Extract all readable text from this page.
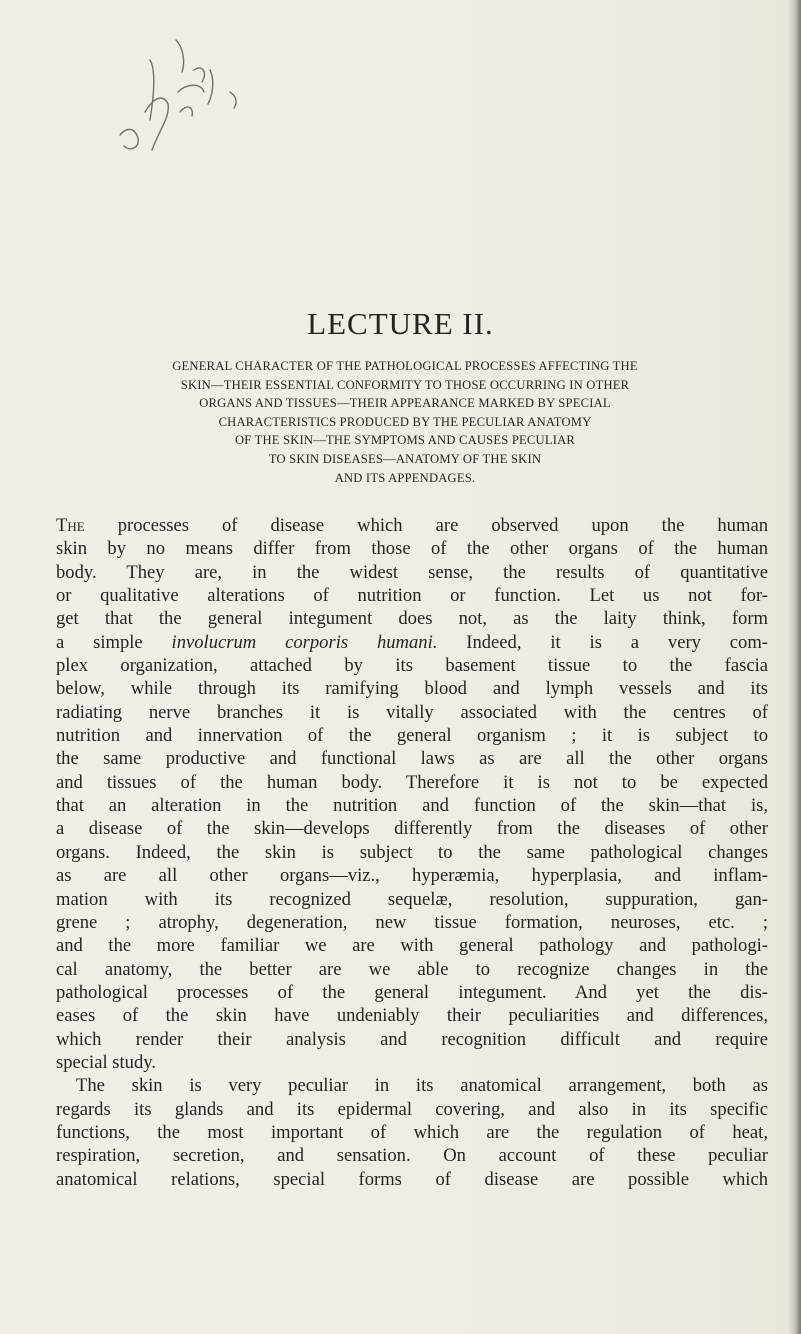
LECTURE II.
GENERAL CHARACTER OF THE PATHOLOGICAL PROCESSES AFFECTING THE
SKIN—THEIR ESSENTIAL CONFORMITY TO THOSE OCCURRING IN OTHER
ORGANS AND TISSUES—THEIR APPEARANCE MARKED BY SPECIAL
CHARACTERISTICS PRODUCED BY THE PECULIAR ANATOMY
OF THE SKIN—THE SYMPTOMS AND CAUSES PECULIAR
TO SKIN DISEASES—ANATOMY OF THE SKIN
AND ITS APPENDAGES.
The processes of disease which are observed upon the human
skin by no means differ from those of the other organs of the human
body. They are, in the widest sense, the results of quantitative
or qualitative alterations of nutrition or function. Let us not for-
get that the general integument does not, as the laity think, form
a simple involucrum corporis humani. Indeed, it is a very com-
plex organization, attached by its basement tissue to the fascia
below, while through its ramifying blood and lymph vessels and its
radiating nerve branches it is vitally associated with the centres of
nutrition and innervation of the general organism ; it is subject to
the same productive and functional laws as are all the other organs
and tissues of the human body. Therefore it is not to be expected
that an alteration in the nutrition and function of the skin—that is,
a disease of the skin—develops differently from the diseases of other
organs. Indeed, the skin is subject to the same pathological changes
as are all other organs—viz., hyperæmia, hyperplasia, and inflam-
mation with its recognized sequelæ, resolution, suppuration, gan-
grene ; atrophy, degeneration, new tissue formation, neuroses, etc. ;
and the more familiar we are with general pathology and pathologi-
cal anatomy, the better are we able to recognize changes in the
pathological processes of the general integument. And yet the dis-
eases of the skin have undeniably their peculiarities and differences,
which render their analysis and recognition difficult and require
special study.
The skin is very peculiar in its anatomical arrangement, both as
regards its glands and its epidermal covering, and also in its specific
functions, the most important of which are the regulation of heat,
respiration, secretion, and sensation. On account of these peculiar
anatomical relations, special forms of disease are possible which
